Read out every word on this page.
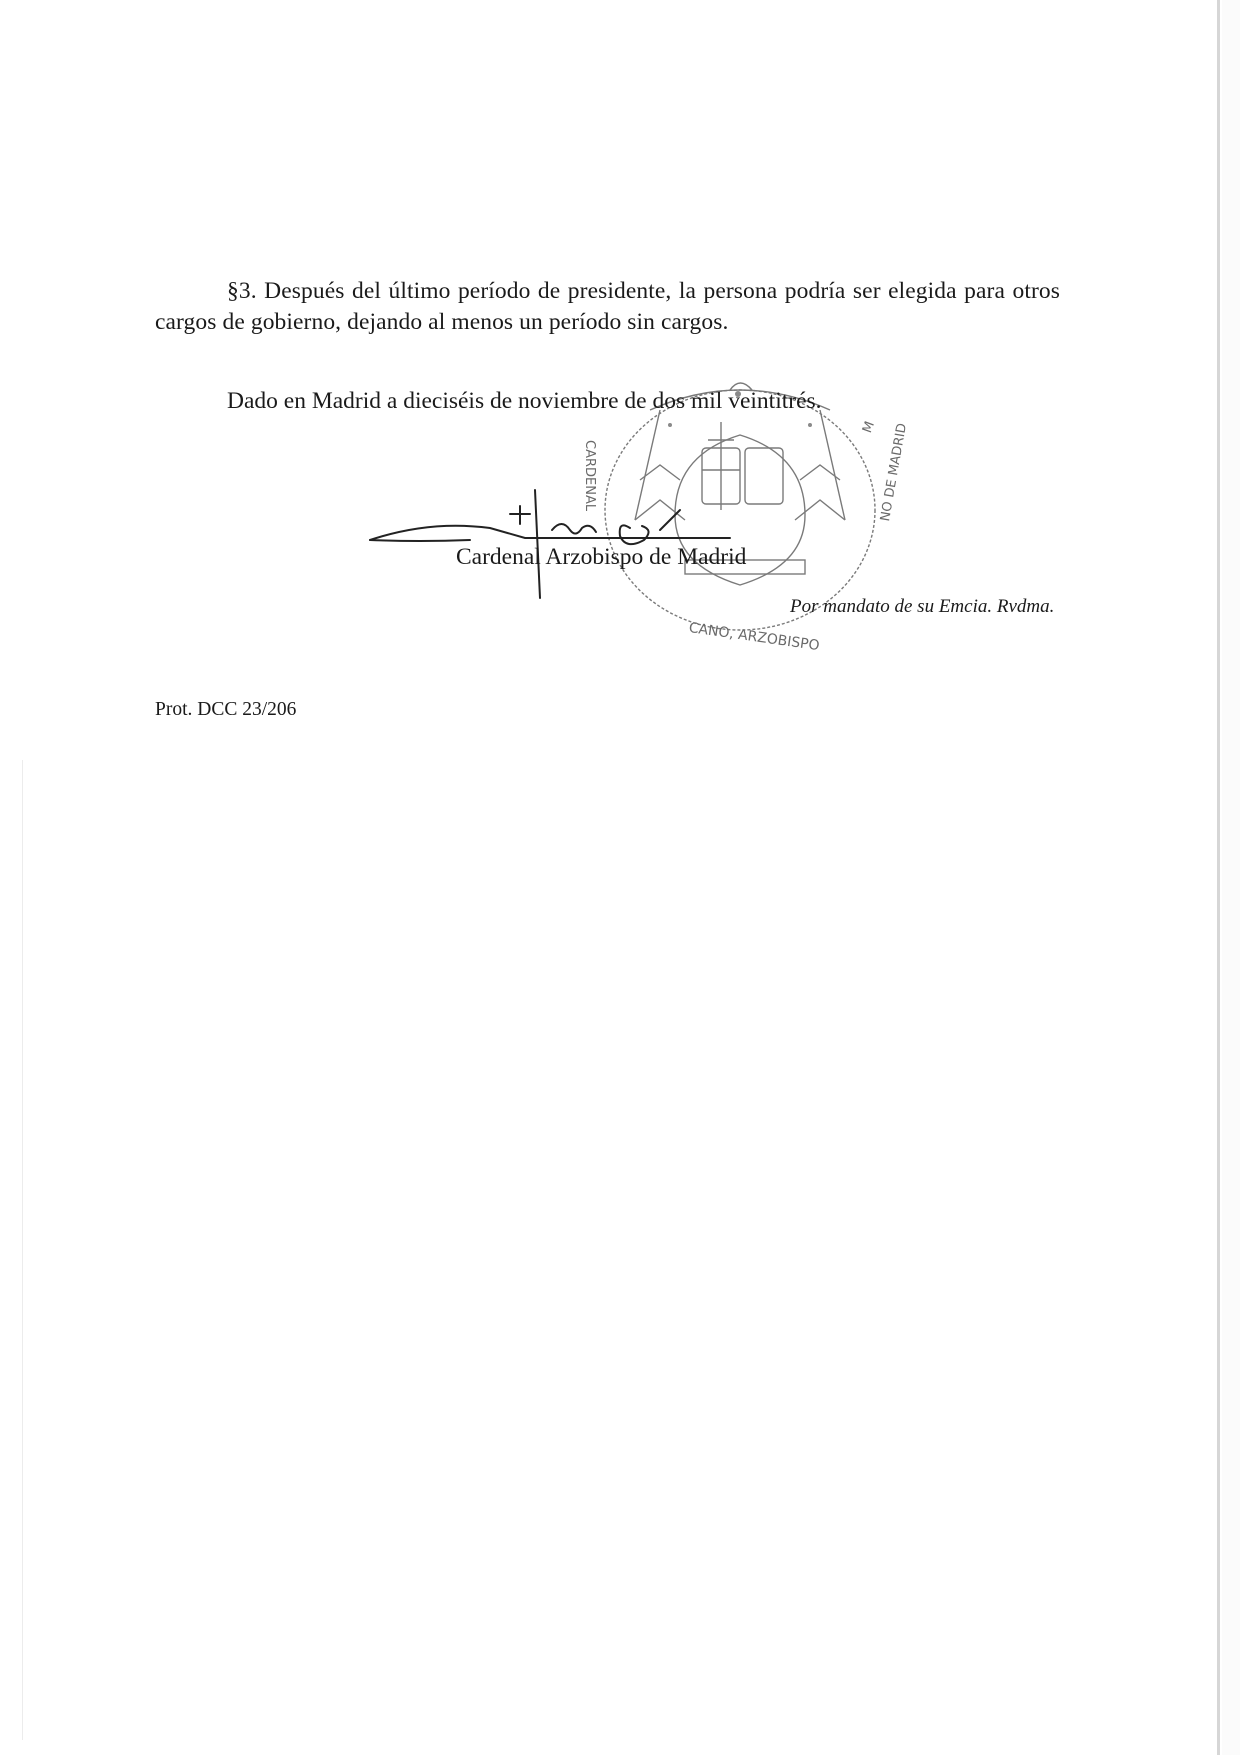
§3. Después del último período de presidente, la persona podría ser elegida para otros cargos de gobierno, dejando al menos un período sin cargos.
CARDENAL	NO DE MADRID
M
CANO, ARZOBISPO
Dado en Madrid a dieciséis de noviembre de dos mil veintitrés.
Cardenal Arzobispo de Madrid
Por mandato de su Emcia. Rvdma.
Prot. DCC 23/206
